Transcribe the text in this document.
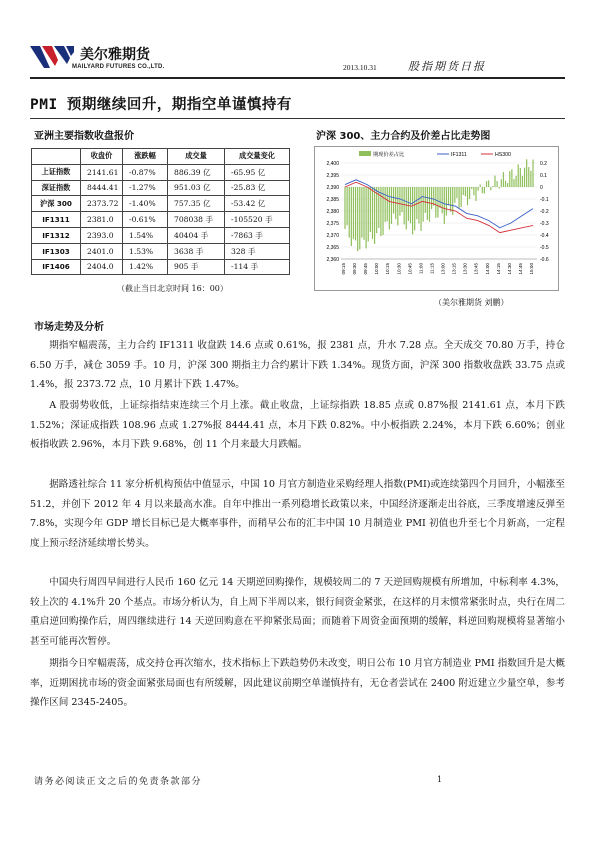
美尔雅期货
MAILYARD FUTURES CO.,LTD.	2013.10.31	股指期货日报
PMI 预期继续回升，期指空单谨慎持有
亚洲主要指数收盘报价
	收盘价	涨跌幅	成交量	成交量变化
上证指数	2141.61	-0.87%	886.39 亿	-65.95 亿
深证指数	8444.41	-1.27%	951.03 亿	-25.83 亿
沪深 300	2373.72	-1.40%	757.35 亿	-53.42 亿
IF1311	2381.0	-0.61%	708038 手	-105520 手
IF1312	2393.0	1.54%	40404 手	-7863 手
IF1303	2401.0	1.53%	3638 手	328 手
IF1406	2404.0	1.42%	905 手	-114 手
（截止当日北京时间 16：00）
沪深 300、主力合约及价差占比走势图
2,400
2,395
2,390
2,385
2,380
2,375
2,370
2,365
2,360
0.2
0.1
0
-0.1
-0.2
-0.3
-0.4
-0.5
-0.6
09:15 09:30 09:45 10:00 10:15 10:30 10:45 11:00 11:15 13:00 13:15 13:30 13:45 14:00 14:15 14:30 14:45 15:00
期现价差占比	IF1311	HS300
（美尔雅期货 刘鹏）
市场走势及分析

期指窄幅震荡，主力合约 IF1311 收盘跌 14.6 点或 0.61%，报 2381 点，升水 7.28 点。全天成交 70.80 万手，持仓 6.50 万手，减仓 3059 手。10 月，沪深 300 期指主力合约累计下跌 1.34%。现货方面，沪深 300 指数收盘跌 33.75 点或 1.4%，报 2373.72 点，10 月累计下跌 1.47%。

A 股弱势收低，上证综指结束连续三个月上涨。截止收盘，上证综指跌 18.85 点或 0.87%报 2141.61 点，本月下跌 1.52%；深证成指跌 108.96 点或 1.27%报 8444.41 点，本月下跌 0.82%。中小板指跌 2.24%，本月下跌 6.60%；创业板指收跌 2.96%，本月下跌 9.68%，创 11 个月来最大月跌幅。

据路透社综合 11 家分析机构预估中值显示，中国 10 月官方制造业采购经理人指数(PMI)或连续第四个月回升，小幅涨至 51.2，并创下 2012 年 4 月以来最高水准。自年中推出一系列稳增长政策以来，中国经济逐渐走出谷底，三季度增速反弹至 7.8%，实现今年 GDP 增长目标已是大概率事件，而稍早公布的汇丰中国 10 月制造业 PMI 初值也升至七个月新高，一定程度上预示经济延续增长势头。

中国央行周四早间进行人民币 160 亿元 14 天期逆回购操作，规模较周二的 7 天逆回购规模有所增加，中标利率 4.3%，较上次的 4.1%升 20 个基点。市场分析认为，自上周下半周以来，银行间资金紧张，在这样的月末惯常紧张时点，央行在周二重启逆回购操作后，周四继续进行 14 天逆回购意在平抑紧张局面；而随着下周资金面预期的缓解，料逆回购规模将显著缩小甚至可能再次暂停。

期指今日窄幅震荡，成交持仓再次缩水，技术指标上下跌趋势仍未改变，明日公布 10 月官方制造业 PMI 指数回升是大概率，近期困扰市场的资金面紧张局面也有所缓解，因此建议前期空单谨慎持有，无仓者尝试在 2400 附近建立少量空单，参考操作区间 2345-2405。

请务必阅读正文之后的免责条款部分	1
